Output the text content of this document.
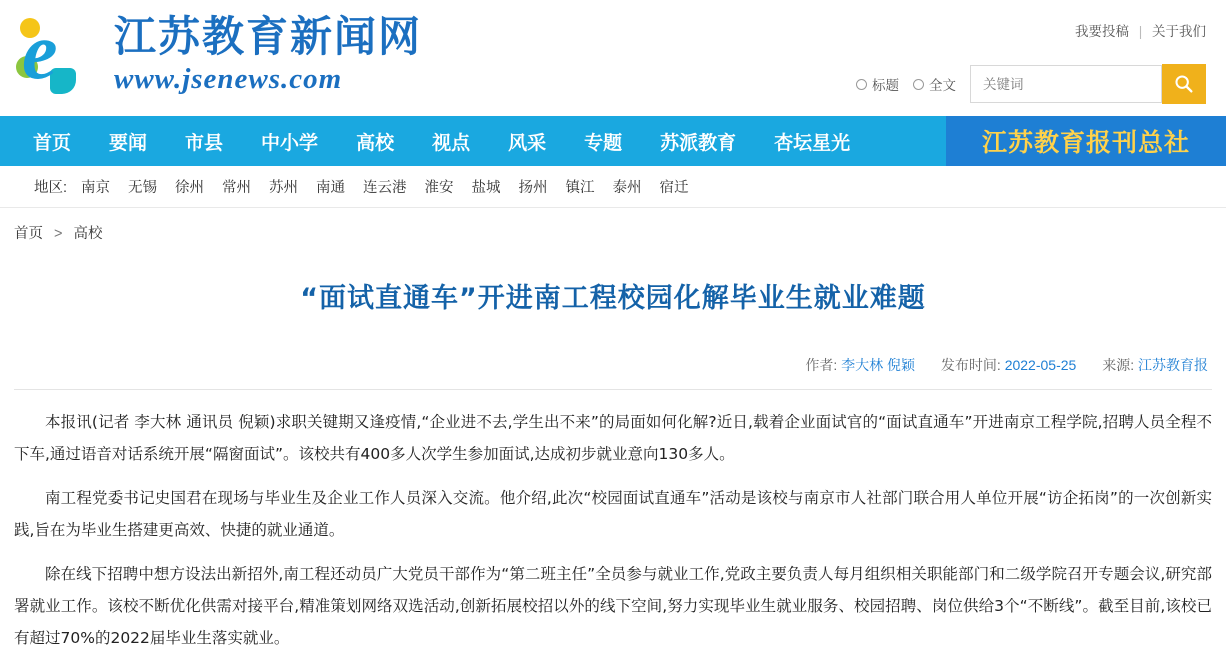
e 江苏教育新闻网
www.jsenews.com
我要投稿 | 关于我们
标题 全文
关键词
首页	要闻	市县	中小学	高校	视点	风采	专题	苏派教育	杏坛星光	江苏教育报刊总社
地区: 南京 无锡 徐州 常州 苏州 南通 连云港 淮安 盐城 扬州 镇江 泰州 宿迁
首页 > 高校
“面试直通车”开进南工程校园化解毕业生就业难题
作者: 李大林 倪颖 发布时间: 2022-05-25 来源: 江苏教育报

本报讯(记者 李大林 通讯员 倪颖)求职关键期又逢疫情,“企业进不去,学生出不来”的局面如何化解?近日,载着企业面试官的“面试直通车”开进南京工程学院,招聘人员全程不下车,通过语音对话系统开展“隔窗面试”。该校共有400多人次学生参加面试,达成初步就业意向130多人。

南工程党委书记史国君在现场与毕业生及企业工作人员深入交流。他介绍,此次“校园面试直通车”活动是该校与南京市人社部门联合用人单位开展“访企拓岗”的一次创新实践,旨在为毕业生搭建更高效、快捷的就业通道。

除在线下招聘中想方设法出新招外,南工程还动员广大党员干部作为“第二班主任”全员参与就业工作,党政主要负责人每月组织相关职能部门和二级学院召开专题会议,研究部署就业工作。该校不断优化供需对接平台,精准策划网络双选活动,创新拓展校招以外的线下空间,努力实现毕业生就业服务、校园招聘、岗位供给3个“不断线”。截至目前,该校已有超过70%的2022届毕业生落实就业。
